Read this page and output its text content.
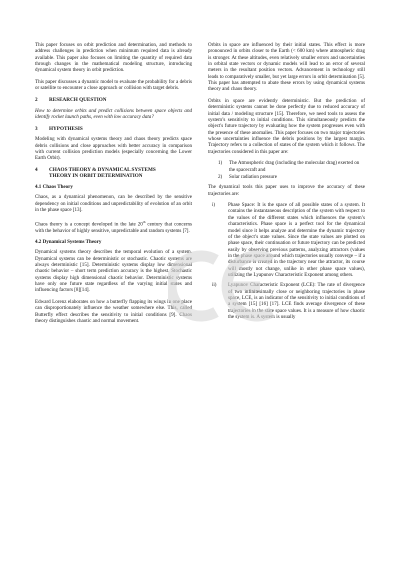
This paper focuses on orbit prediction and determination, and methods to address challenges in prediction when minimum required data is already available. This paper also focuses on limiting the quantity of required data through changes in the mathematical modeling structure, introducing dynamical system theory in orbit prediction.

This paper discusses a dynamic model to evaluate the probability for a debris or satellite to encounter a close approach or collision with target debris.

2 RESEARCH QUESTION

How to determine orbits and predict collisions between space objects and identify rocket launch paths, even with low accuracy data?

3 HYPOTHESIS

Modeling with dynamical systems theory and chaos theory predicts space debris collisions and close approaches with better accuracy in comparison with current collision prediction models (especially concerning the Lower Earth Orbit).

4 CHAOS THEORY & DYNAMICAL SYSTEMS
THEORY IN ORBIT DETERMINATION
4.1 Chaos Theory

Chaos, as a dynamical phenomenon, can be described by the sensitive dependency on initial conditions and unpredictability of evolution of an orbit in the phase space [13].

Chaos theory is a concept developed in the late 20th century that concerns with the behavior of highly sensitive, unpredictable and random systems [7].

4.2 Dynamical Systems Theory

Dynamical systems theory describes the temporal evolution of a system. Dynamical systems can be deterministic or stochastic. Chaotic systems are always deterministic [15]. Deterministic systems display low dimensional chaotic behavior – short term prediction accuracy is the highest. Stochastic systems display high dimensional chaotic behavior. Deterministic systems have only one future state regardless of the varying initial states and influencing factors [8][14].

Edward Lorenz elaborates on how a butterfly flapping its wings in one place can disproportionately influence the weather somewhere else. This, called Butterfly effect describes the sensitivity to initial conditions [9]. Chaos theory distinguishes chaotic and normal movement.

Orbits in space are influenced by their initial states. This effect is more pronounced in orbits closer to the Earth (< 600 km) where atmospheric drag is stronger. At these altitudes, even relatively smaller errors and uncertainties in orbital state vectors or dynamic models will lead to an error of several meters in the resultant position vectors. Advancement in technology still leads to comparatively smaller, but yet large errors in orbit determination [5]. This paper has attempted to abate these errors by using dynamical systems theory and chaos theory.

Orbits in space are evidently deterministic. But the prediction of deterministic systems cannot be done perfectly due to reduced accuracy of initial data / modeling structure [15]. Therefore, we need tools to assess the system’s sensitivity to initial conditions. This simultaneously predicts the object's future trajectory by evaluating how the system progresses even with the presence of these anomalies. This paper focuses on two major trajectories whose uncertainties influence the debris positions by the largest margin. Trajectory refers to a collection of states of the system which it follows. The trajectories considered in this paper are:

1)	The Atmospheric drag (including the molecular drag) exerted on the spacecraft and
2)	Solar radiation pressure

The dynamical tools this paper uses to improve the accuracy of these trajectories are:

i)	Phase Space: It is the space of all possible states of a system. It contains the instantaneous description of the system with respect to the values of the different states which influences the system’s characteristics. Phase space is a perfect tool for the dynamical model since it helps analyze and determine the dynamic trajectory of the object’s state values. Since the state values are plotted on phase space, their continuation or future trajectory can be predicted easily by observing previous patterns, analyzing attractors (values in the phase space around which trajectories usually converge – if a disturbance is created in the trajectory near the attractor, its course will mostly not change, unlike in other phase space values), utilizing the Lyapunov Characteristic Exponent among others.
ii)	Lyapunov Characteristic Exponent (LCE): The rate of divergence of two infinitesimally close or neighboring trajectories in phase space, LCE, is an indicator of the sensitivity to initial conditions of a system [15] [16] [17]. LCE finds average divergence of these trajectories in the state space values. It is a measure of how chaotic the system is. A system is usually
